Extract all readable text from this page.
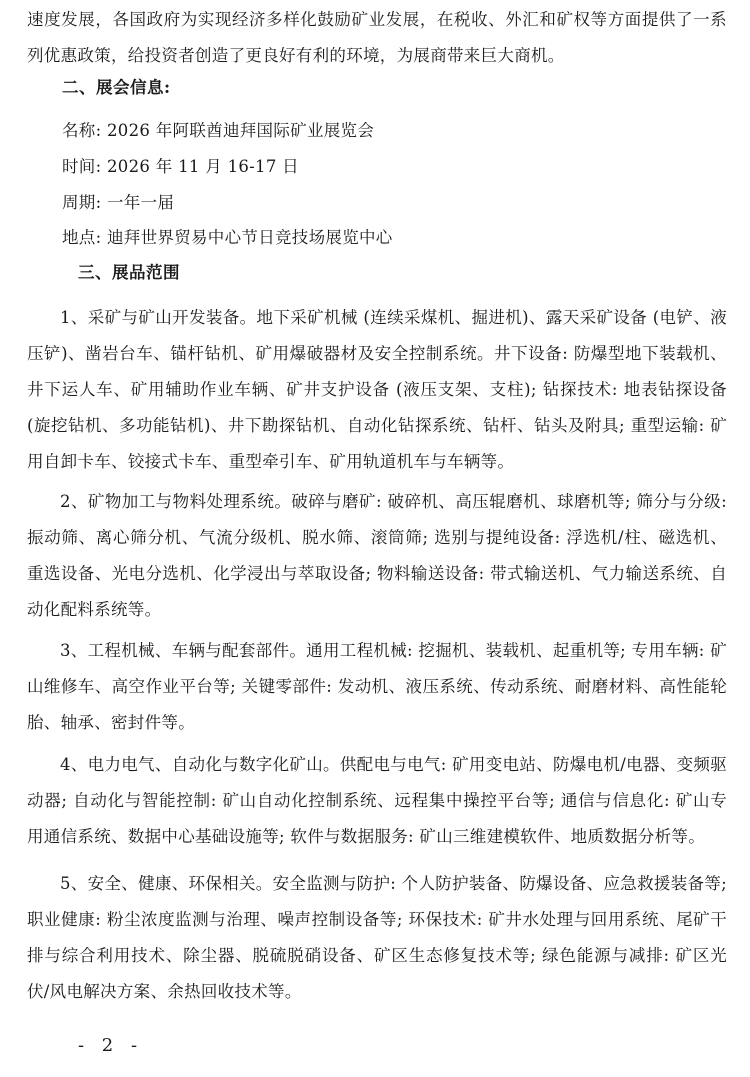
速度发展，各国政府为实现经济多样化鼓励矿业发展，在税收、外汇和矿权等方面提供了一系列优惠政策，给投资者创造了更良好有利的环境，为展商带来巨大商机。

二、展会信息:

名称: 2026 年阿联酋迪拜国际矿业展览会

时间: 2026 年 11 月 16-17 日

周期: 一年一届

地点: 迪拜世界贸易中心节日竞技场展览中心

三、展品范围

1、采矿与矿山开发装备。地下采矿机械 (连续采煤机、掘进机)、露天采矿设备 (电铲、液压铲)、凿岩台车、锚杆钻机、矿用爆破器材及安全控制系统。井下设备: 防爆型地下装载机、井下运人车、矿用辅助作业车辆、矿井支护设备 (液压支架、支柱); 钻探技术: 地表钻探设备 (旋挖钻机、多功能钻机)、井下勘探钻机、自动化钻探系统、钻杆、钻头及附具; 重型运输: 矿用自卸卡车、铰接式卡车、重型牵引车、矿用轨道机车与车辆等。

2、矿物加工与物料处理系统。破碎与磨矿: 破碎机、高压辊磨机、球磨机等; 筛分与分级: 振动筛、离心筛分机、气流分级机、脱水筛、滚筒筛; 选别与提纯设备: 浮选机/柱、磁选机、重选设备、光电分选机、化学浸出与萃取设备; 物料输送设备: 带式输送机、气力输送系统、自动化配料系统等。

3、工程机械、车辆与配套部件。通用工程机械: 挖掘机、装载机、起重机等; 专用车辆: 矿山维修车、高空作业平台等; 关键零部件: 发动机、液压系统、传动系统、耐磨材料、高性能轮胎、轴承、密封件等。

4、电力电气、自动化与数字化矿山。供配电与电气: 矿用变电站、防爆电机/电器、变频驱动器; 自动化与智能控制: 矿山自动化控制系统、远程集中操控平台等; 通信与信息化: 矿山专用通信系统、数据中心基础设施等; 软件与数据服务: 矿山三维建模软件、地质数据分析等。

5、安全、健康、环保相关。安全监测与防护: 个人防护装备、防爆设备、应急救援装备等; 职业健康: 粉尘浓度监测与治理、噪声控制设备等; 环保技术: 矿井水处理与回用系统、尾矿干排与综合利用技术、除尘器、脱硫脱硝设备、矿区生态修复技术等; 绿色能源与减排: 矿区光伏/风电解决方案、余热回收技术等。

- 2 -
